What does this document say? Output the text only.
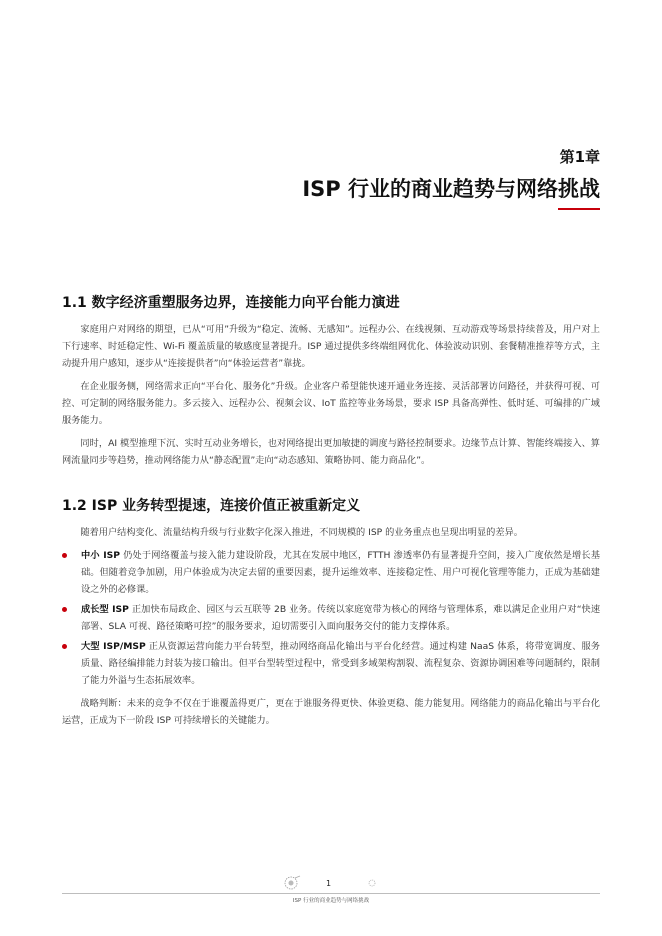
第1章
ISP 行业的商业趋势与网络挑战
1.1 数字经济重塑服务边界，连接能力向平台能力演进

家庭用户对网络的期望，已从“可用”升级为“稳定、流畅、无感知”。远程办公、在线视频、互动游戏等场景持续普及，用户对上下行速率、时延稳定性、Wi-Fi 覆盖质量的敏感度显著提升。ISP 通过提供多终端组网优化、体验波动识别、套餐精准推荐等方式，主动提升用户感知，逐步从“连接提供者”向“体验运营者”靠拢。

在企业服务侧，网络需求正向“平台化、服务化”升级。企业客户希望能快速开通业务连接、灵活部署访问路径，并获得可视、可控、可定制的网络服务能力。多云接入、远程办公、视频会议、IoT 监控等业务场景，要求 ISP 具备高弹性、低时延、可编排的广域服务能力。

同时，AI 模型推理下沉、实时互动业务增长，也对网络提出更加敏捷的调度与路径控制要求。边缘节点计算、智能终端接入、算网流量同步等趋势，推动网络能力从“静态配置”走向“动态感知、策略协同、能力商品化”。

1.2 ISP 业务转型提速，连接价值正被重新定义

随着用户结构变化、流量结构升级与行业数字化深入推进，不同规模的 ISP 的业务重点也呈现出明显的差异。

中小 ISP 仍处于网络覆盖与接入能力建设阶段，尤其在发展中地区，FTTH 渗透率仍有显著提升空间，接入广度依然是增长基础。但随着竞争加剧，用户体验成为决定去留的重要因素，提升运维效率、连接稳定性、用户可视化管理等能力，正成为基础建设之外的必修课。
成长型 ISP 正加快布局政企、园区与云互联等 2B 业务。传统以家庭宽带为核心的网络与管理体系，难以满足企业用户对“快速部署、SLA 可视、路径策略可控”的服务要求，迫切需要引入面向服务交付的能力支撑体系。
大型 ISP/MSP 正从资源运营向能力平台转型，推动网络商品化输出与平台化经营。通过构建 NaaS 体系，将带宽调度、服务质量、路径编排能力封装为接口输出。但平台型转型过程中，常受到多域架构割裂、流程复杂、资源协调困难等问题制约，限制了能力外溢与生态拓展效率。

战略判断：未来的竞争不仅在于谁覆盖得更广，更在于谁服务得更快、体验更稳、能力能复用。网络能力的商品化输出与平台化运营，正成为下一阶段 ISP 可持续增长的关键能力。

1
ISP 行业的商业趋势与网络挑战
